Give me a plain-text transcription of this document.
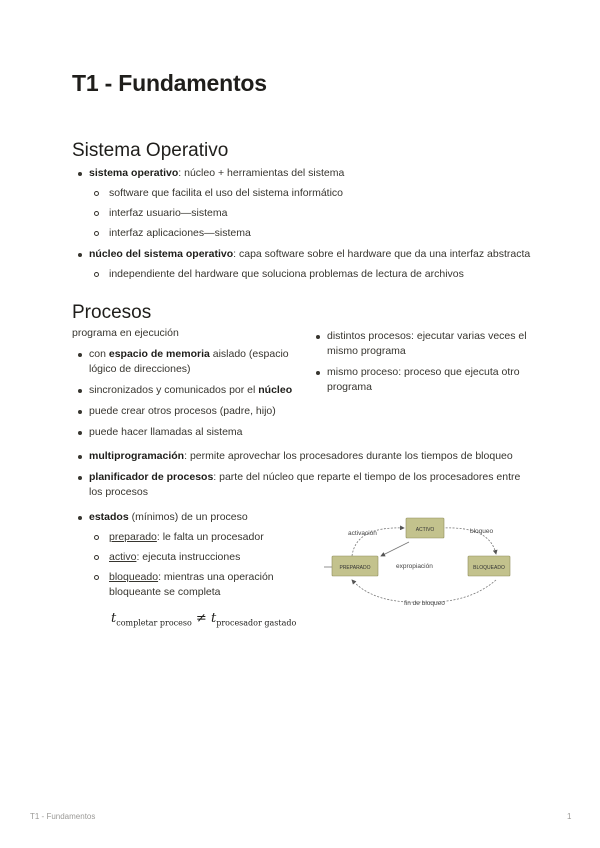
T1 - Fundamentos
Sistema Operativo
sistema operativo: núcleo + herramientas del sistema
software que facilita el uso del sistema informático
interfaz usuario—sistema
interfaz aplicaciones—sistema
núcleo del sistema operativo: capa software sobre el hardware que da una interfaz abstracta
independiente del hardware que soluciona problemas de lectura de archivos
Procesos
programa en ejecución
con espacio de memoria aislado (espacio lógico de direcciones)
sincronizados y comunicados por el núcleo
puede crear otros procesos (padre, hijo)
puede hacer llamadas al sistema
distintos procesos: ejecutar varias veces el mismo programa
mismo proceso: proceso que ejecuta otro programa
multiprogramación: permite aprovechar los procesadores durante los tiempos de bloqueo
planificador de procesos: parte del núcleo que reparte el tiempo de los procesadores entre los procesos
estados (mínimos) de un proceso
preparado: le falta un procesador
activo: ejecuta instrucciones
bloqueado: mientras una operación bloqueante se completa
$t_{completar proceso} \ne t_{procesador gastado}$
ACTIVO
PREPARADO	BLOQUEADO
activación	bloqueo
expropiación
fin de bloqueo
T1 - Fundamentos	1
